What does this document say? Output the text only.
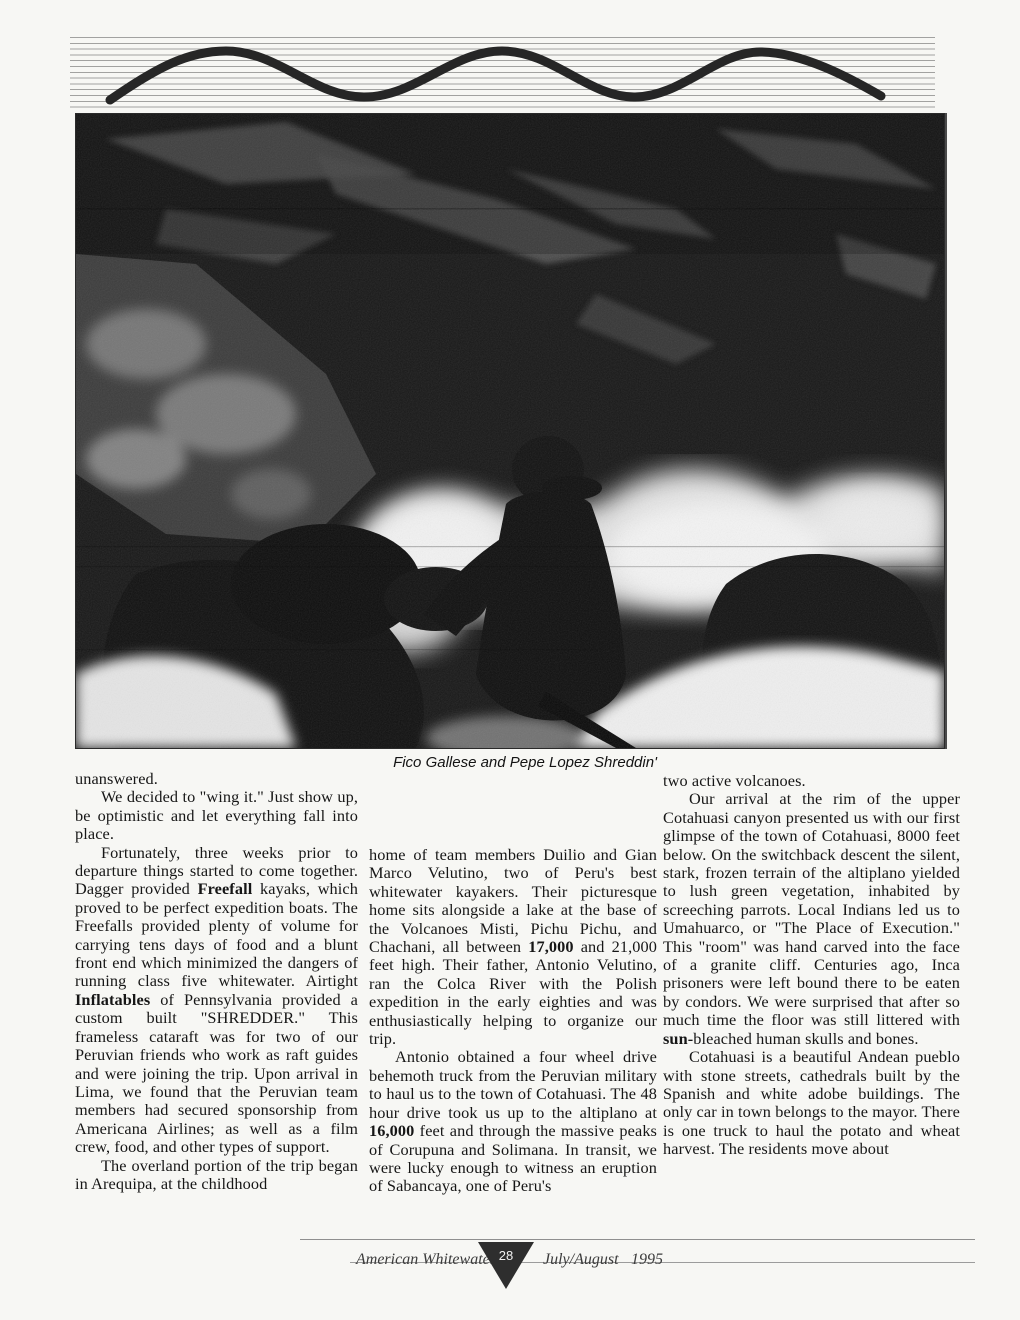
Fico Gallese and Pepe Lopez Shreddin'

unanswered.

We decided to "wing it." Just show up, be optimistic and let everything fall into place.

Fortunately, three weeks prior to departure things started to come together. Dagger provided Freefall kayaks, which proved to be perfect expedition boats. The Freefalls provided plenty of volume for carrying tens days of food and a blunt front end which minimized the dangers of running class five whitewater. Airtight Inflatables of Pennsylvania provided a custom built "SHREDDER." This frameless cataraft was for two of our Peruvian friends who work as raft guides and were joining the trip. Upon arrival in Lima, we found that the Peruvian team members had secured sponsorship from Americana Airlines; as well as a film crew, food, and other types of support.

The overland portion of the trip began in Arequipa, at the childhood

home of team members Duilio and Gian Marco Velutino, two of Peru's best whitewater kayakers. Their picturesque home sits alongside a lake at the base of the Volcanoes Misti, Pichu Pichu, and Chachani, all between 17,000 and 21,000 feet high. Their father, Antonio Velutino, ran the Colca River with the Polish expedition in the early eighties and was enthusiastically helping to organize our trip.

Antonio obtained a four wheel drive behemoth truck from the Peruvian military to haul us to the town of Cotahuasi. The 48 hour drive took us up to the altiplano at 16,000 feet and through the massive peaks of Corupuna and Solimana. In transit, we were lucky enough to witness an eruption of Sabancaya, one of Peru's

two active volcanoes.

Our arrival at the rim of the upper Cotahuasi canyon presented us with our first glimpse of the town of Cotahuasi, 8000 feet below. On the switchback descent the silent, stark, frozen terrain of the altiplano yielded to lush green vegetation, inhabited by screeching parrots. Local Indians led us to Umahuarco, or "The Place of Execution." This "room" was hand carved into the face of a granite cliff. Centuries ago, Inca prisoners were left bound there to be eaten by condors. We were surprised that after so much time the floor was still littered with sun-bleached human skulls and bones.

Cotahuasi is a beautiful Andean pueblo with stone streets, cathedrals built by the Spanish and white adobe buildings. The only car in town belongs to the mayor. There is one truck to haul the potato and wheat harvest. The residents move about

American Whitewater 28	July/August 1995
